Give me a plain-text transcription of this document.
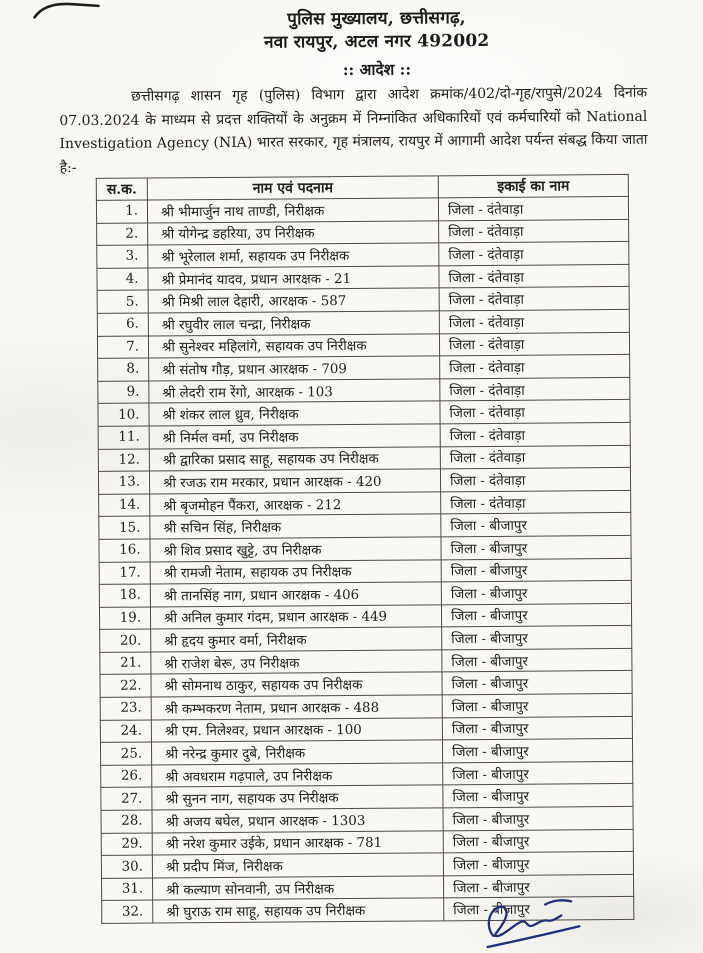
पुलिस मुख्यालय, छत्तीसगढ़,
नवा रायपुर, अटल नगर 492002
:: आदेश ::
छत्तीसगढ़ शासन गृह (पुलिस) विभाग द्वारा आदेश क्रमांक/402/दो-गृह/रापुसे/2024 दिनांक 07.03.2024 के माध्यम से प्रदत्त शक्तियों के अनुक्रम में निम्नांकित अधिकारियों एवं कर्मचारियों को National Investigation Agency (NIA) भारत सरकार, गृह मंत्रालय, रायपुर में आगामी आदेश पर्यन्त संबद्ध किया जाता है:-
स.क.	नाम एवं पदनाम	इकाई का नाम
1.	श्री भीमार्जुन नाथ ताण्डी, निरीक्षक	जिला - दंतेवाड़ा
2.	श्री योगेन्द्र डहरिया, उप निरीक्षक	जिला - दंतेवाड़ा
3.	श्री भूरेलाल शर्मा, सहायक उप निरीक्षक	जिला - दंतेवाड़ा
4.	श्री प्रेमानंद यादव, प्रधान आरक्षक - 21	जिला - दंतेवाड़ा
5.	श्री मिश्री लाल देहारी, आरक्षक - 587	जिला - दंतेवाड़ा
6.	श्री रघुवीर लाल चन्द्रा, निरीक्षक	जिला - दंतेवाड़ा
7.	श्री सुनेश्वर महिलांगे, सहायक उप निरीक्षक	जिला - दंतेवाड़ा
8.	श्री संतोष गौड़, प्रधान आरक्षक - 709	जिला - दंतेवाड़ा
9.	श्री लेदरी राम रेंगो, आरक्षक - 103	जिला - दंतेवाड़ा
10.	श्री शंकर लाल ध्रुव, निरीक्षक	जिला - दंतेवाड़ा
11.	श्री निर्मल वर्मा, उप निरीक्षक	जिला - दंतेवाड़ा
12.	श्री द्वारिका प्रसाद साहू, सहायक उप निरीक्षक	जिला - दंतेवाड़ा
13.	श्री रजऊ राम मरकार, प्रधान आरक्षक - 420	जिला - दंतेवाड़ा
14.	श्री बृजमोहन पैंकरा, आरक्षक - 212	जिला - दंतेवाड़ा
15.	श्री सचिन सिंह, निरीक्षक	जिला - बीजापुर
16.	श्री शिव प्रसाद खुट्टे, उप निरीक्षक	जिला - बीजापुर
17.	श्री रामजी नेताम, सहायक उप निरीक्षक	जिला - बीजापुर
18.	श्री तानसिंह नाग, प्रधान आरक्षक - 406	जिला - बीजापुर
19.	श्री अनिल कुमार गंदम, प्रधान आरक्षक - 449	जिला - बीजापुर
20.	श्री हृदय कुमार वर्मा, निरीक्षक	जिला - बीजापुर
21.	श्री राजेश बेरू, उप निरीक्षक	जिला - बीजापुर
22.	श्री सोमनाथ ठाकुर, सहायक उप निरीक्षक	जिला - बीजापुर
23.	श्री कम्भकरण नेताम, प्रधान आरक्षक - 488	जिला - बीजापुर
24.	श्री एम. निलेश्वर, प्रधान आरक्षक - 100	जिला - बीजापुर
25.	श्री नरेन्द्र कुमार दुबे, निरीक्षक	जिला - बीजापुर
26.	श्री अवधराम गढ़पाले, उप निरीक्षक	जिला - बीजापुर
27.	श्री सुनन नाग, सहायक उप निरीक्षक	जिला - बीजापुर
28.	श्री अजय बघेल, प्रधान आरक्षक - 1303	जिला - बीजापुर
29.	श्री नरेश कुमार उईके, प्रधान आरक्षक - 781	जिला - बीजापुर
30.	श्री प्रदीप मिंज, निरीक्षक	जिला - बीजापुर
31.	श्री कल्याण सोनवानी, उप निरीक्षक	जिला - बीजापुर
32.	श्री घुराऊ राम साहू, सहायक उप निरीक्षक	जिला - बीजापुर
